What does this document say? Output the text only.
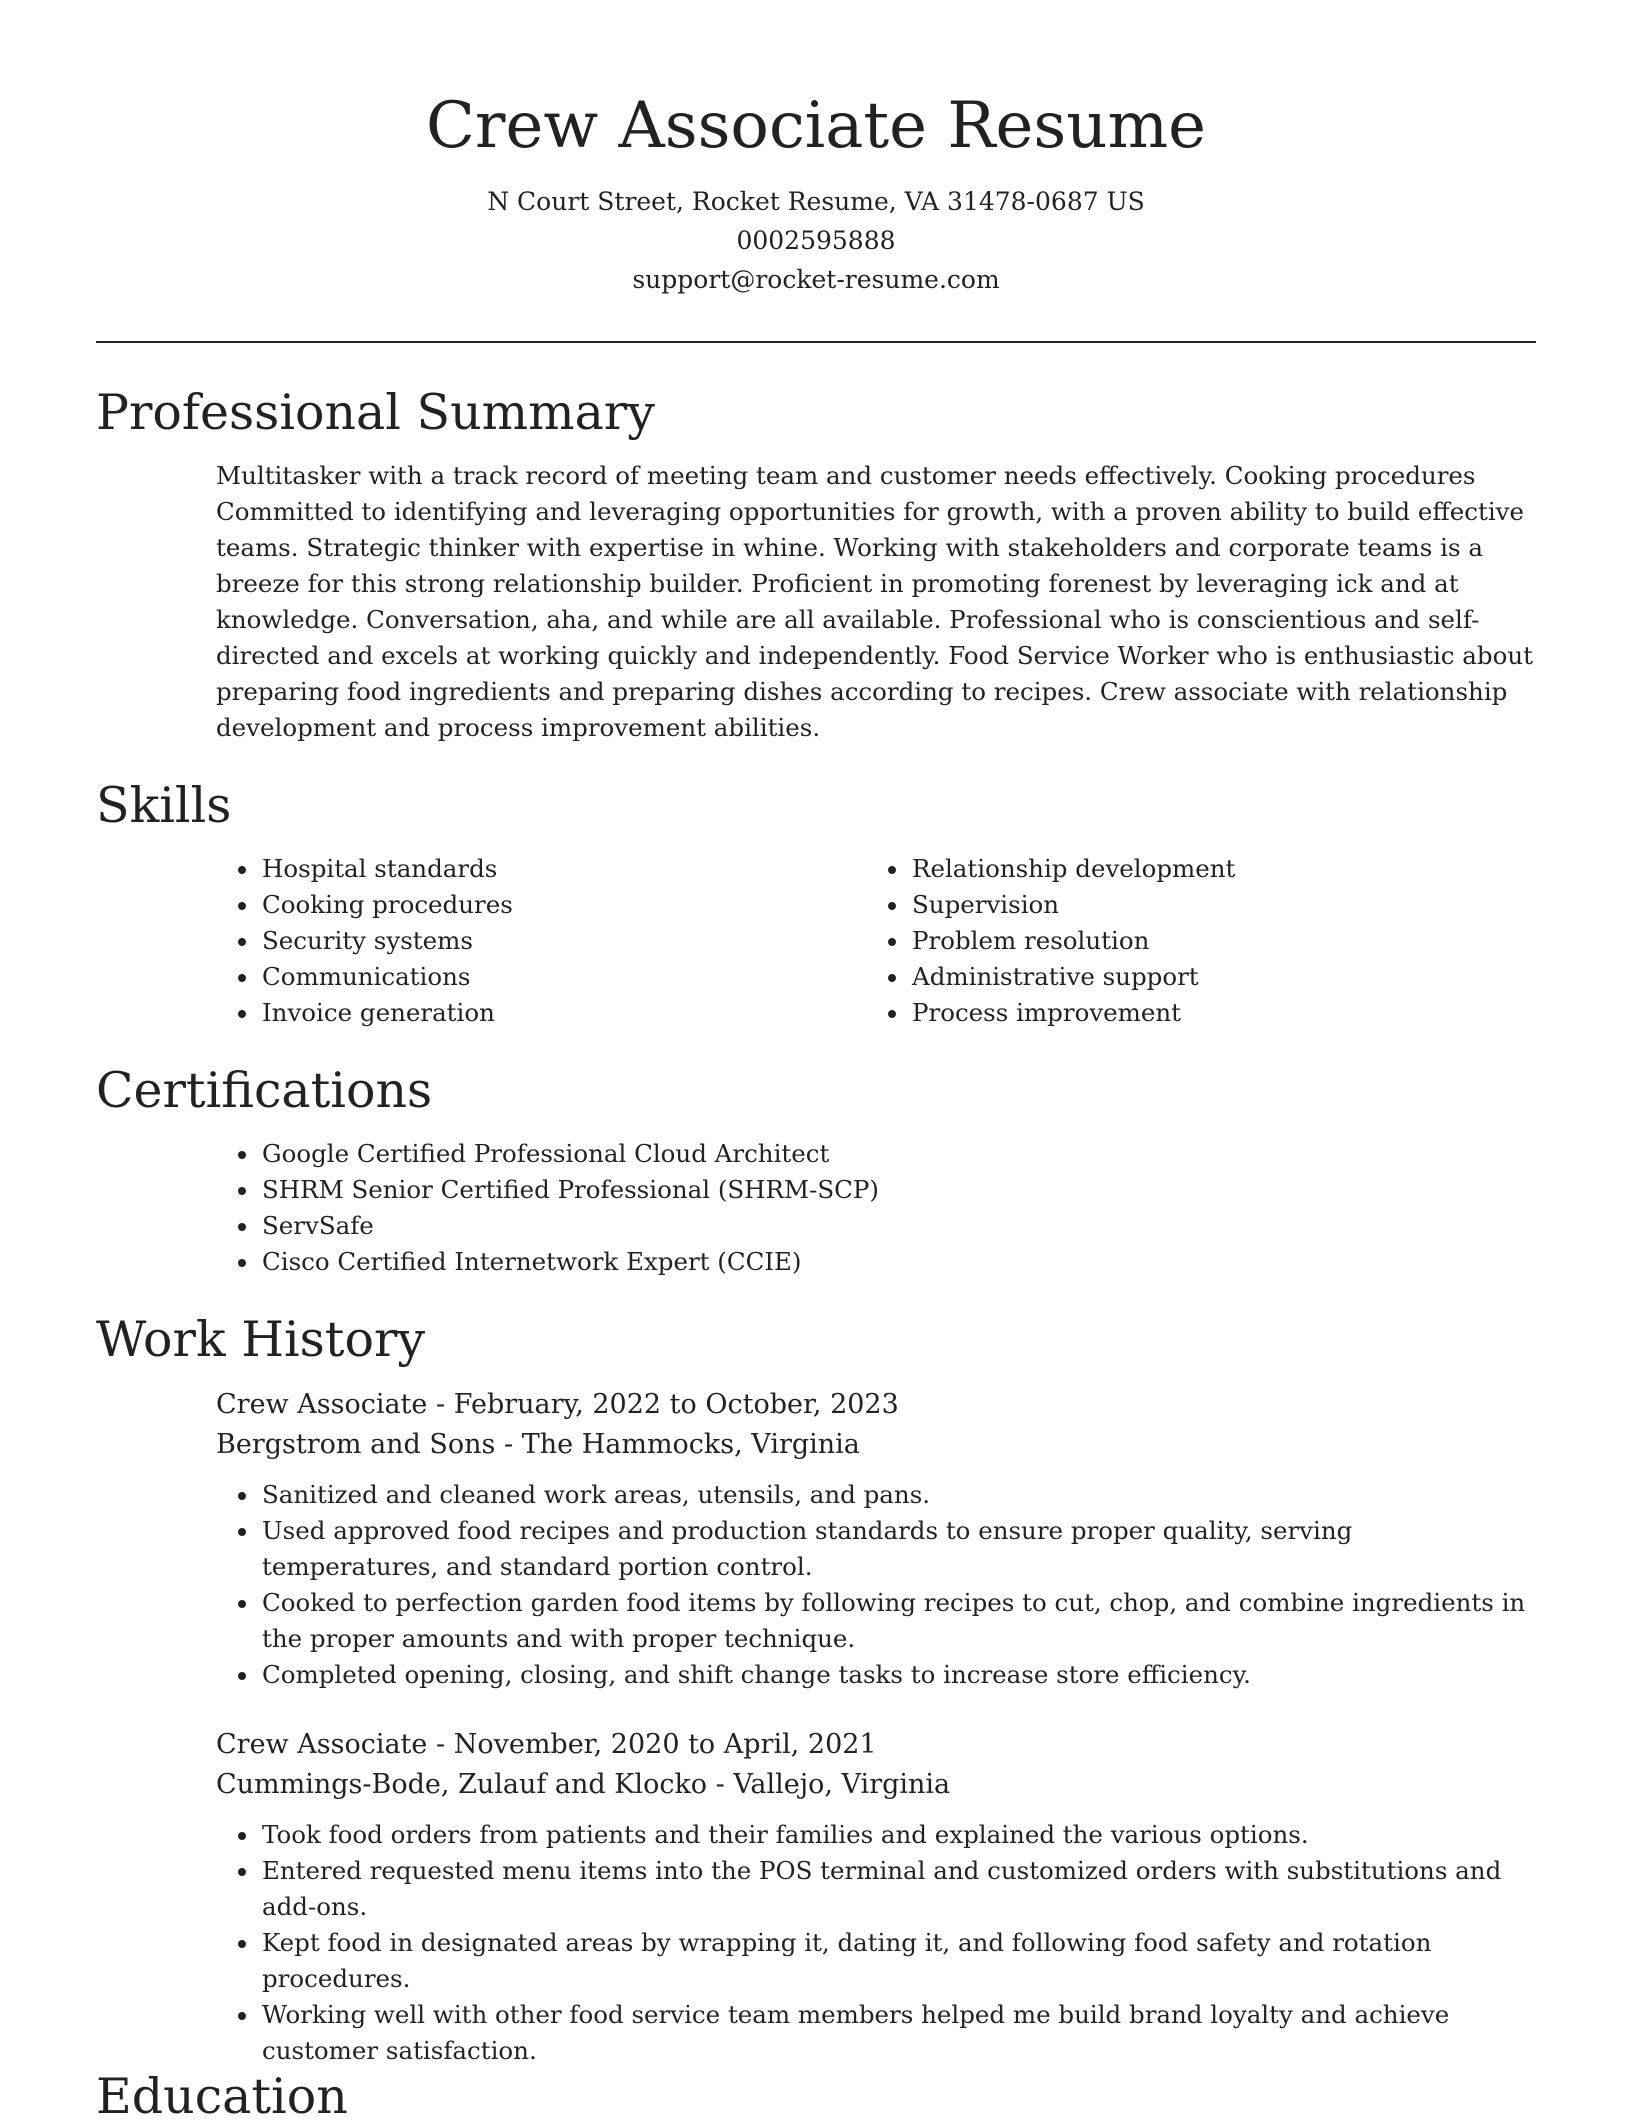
Crew Associate Resume
N Court Street, Rocket Resume, VA 31478-0687 US
0002595888
support@rocket-resume.com
Professional Summary
Multitasker with a track record of meeting team and customer needs effectively. Cooking procedures Committed to identifying and leveraging opportunities for growth, with a proven ability to build effective teams. Strategic thinker with expertise in whine. Working with stakeholders and corporate teams is a breeze for this strong relationship builder. Proficient in promoting forenest by leveraging ick and at knowledge. Conversation, aha, and while are all available. Professional who is conscientious and self-directed and excels at working quickly and independently. Food Service Worker who is enthusiastic about preparing food ingredients and preparing dishes according to recipes. Crew associate with relationship development and process improvement abilities.
Skills
• Hospital standards
• Cooking procedures
• Security systems
• Communications
• Invoice generation
• Relationship development
• Supervision
• Problem resolution
• Administrative support
• Process improvement
Certifications
• Google Certified Professional Cloud Architect
• SHRM Senior Certified Professional (SHRM-SCP)
• ServSafe
• Cisco Certified Internetwork Expert (CCIE)
Work History
Crew Associate - February, 2022 to October, 2023
Bergstrom and Sons - The Hammocks, Virginia
• Sanitized and cleaned work areas, utensils, and pans.
• Used approved food recipes and production standards to ensure proper quality, serving temperatures, and standard portion control.
• Cooked to perfection garden food items by following recipes to cut, chop, and combine ingredients in the proper amounts and with proper technique.
• Completed opening, closing, and shift change tasks to increase store efficiency.
Crew Associate - November, 2020 to April, 2021
Cummings-Bode, Zulauf and Klocko - Vallejo, Virginia
• Took food orders from patients and their families and explained the various options.
• Entered requested menu items into the POS terminal and customized orders with substitutions and add-ons.
• Kept food in designated areas by wrapping it, dating it, and following food safety and rotation procedures.
• Working well with other food service team members helped me build brand loyalty and achieve customer satisfaction.
Education
